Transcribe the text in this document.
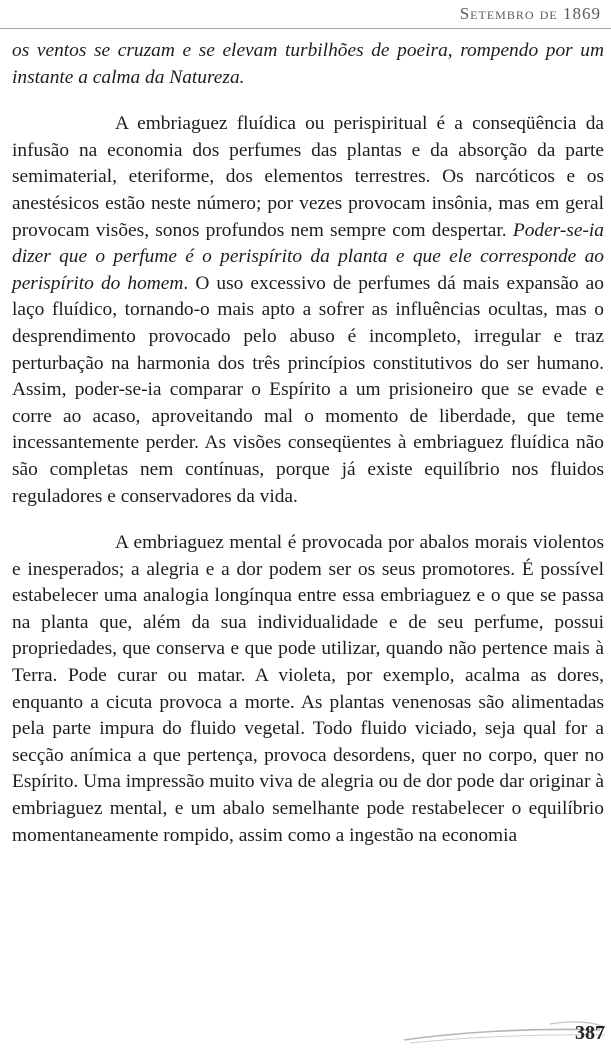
Setembro de 1869

os ventos se cruzam e se elevam turbilhões de poeira, rompendo por um instante a calma da Natureza.

A embriaguez fluídica ou perispiritual é a conseqüência da infusão na economia dos perfumes das plantas e da absorção da parte semimaterial, eteriforme, dos elementos terrestres. Os narcóticos e os anestésicos estão neste número; por vezes provocam insônia, mas em geral provocam visões, sonos profundos nem sempre com despertar. Poder-se-ia dizer que o perfume é o perispírito da planta e que ele corresponde ao perispírito do homem. O uso excessivo de perfumes dá mais expansão ao laço fluídico, tornando-o mais apto a sofrer as influências ocultas, mas o desprendimento provocado pelo abuso é incompleto, irregular e traz perturbação na harmonia dos três princípios constitutivos do ser humano. Assim, poder-se-ia comparar o Espírito a um prisioneiro que se evade e corre ao acaso, aproveitando mal o momento de liberdade, que teme incessantemente perder. As visões conseqüentes à embriaguez fluídica não são completas nem contínuas, porque já existe equilíbrio nos fluidos reguladores e conservadores da vida.

A embriaguez mental é provocada por abalos morais violentos e inesperados; a alegria e a dor podem ser os seus promotores. É possível estabelecer uma analogia longínqua entre essa embriaguez e o que se passa na planta que, além da sua individualidade e de seu perfume, possui propriedades, que conserva e que pode utilizar, quando não pertence mais à Terra. Pode curar ou matar. A violeta, por exemplo, acalma as dores, enquanto a cicuta provoca a morte. As plantas venenosas são alimentadas pela parte impura do fluido vegetal. Todo fluido viciado, seja qual for a secção anímica a que pertença, provoca desordens, quer no corpo, quer no Espírito. Uma impressão muito viva de alegria ou de dor pode dar originar à embriaguez mental, e um abalo semelhante pode restabelecer o equilíbrio momentaneamente rompido, assim como a ingestão na economia

387
